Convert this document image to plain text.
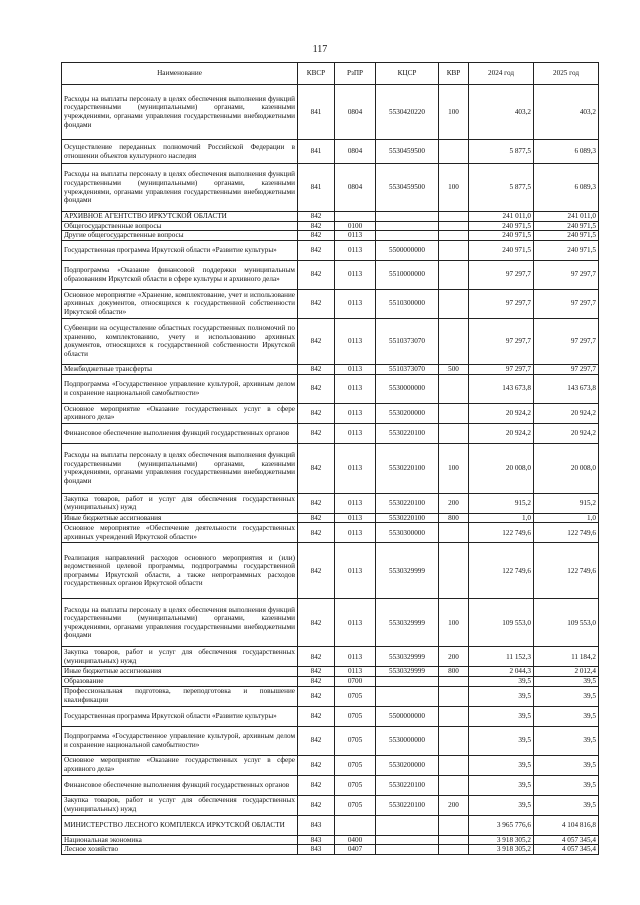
117
Наименование	КВСР	РзПР	КЦСР	КВР	2024 год	2025 год
Расходы на выплаты персоналу в целях обеспечения выполнения функций государственными (муниципальными) органами, казенными учреждениями, органами управления государственными внебюджетными фондами	841	0804	5530420220	100	403,2	403,2
Осуществление переданных полномочий Российской Федерации в отношении объектов культурного наследия	841	0804	5530459500		5 877,5	6 089,3
Расходы на выплаты персоналу в целях обеспечения выполнения функций государственными (муниципальными) органами, казенными учреждениями, органами управления государственными внебюджетными фондами	841	0804	5530459500	100	5 877,5	6 089,3
АРХИВНОЕ АГЕНТСТВО ИРКУТСКОЙ ОБЛАСТИ	842				241 011,0	241 011,0
Общегосударственные вопросы	842	0100			240 971,5	240 971,5
Другие общегосударственные вопросы	842	0113			240 971,5	240 971,5
Государственная программа Иркутской области «Развитие культуры»	842	0113	5500000000		240 971,5	240 971,5
Подпрограмма «Оказание финансовой поддержки муниципальным образованиям Иркутской области в сфере культуры и архивного дела»	842	0113	5510000000		97 297,7	97 297,7
Основное мероприятие «Хранение, комплектование, учет и использование архивных документов, относящихся к государственной собственности Иркутской области»	842	0113	5510300000		97 297,7	97 297,7
Субвенции на осуществление областных государственных полномочий по хранению, комплектованию, учету и использованию архивных документов, относящихся к государственной собственности Иркутской области	842	0113	5510373070		97 297,7	97 297,7
Межбюджетные трансферты	842	0113	5510373070	500	97 297,7	97 297,7
Подпрограмма «Государственное управление культурой, архивным делом и сохранение национальной самобытности»	842	0113	5530000000		143 673,8	143 673,8
Основное мероприятие «Оказание государственных услуг в сфере архивного дела»	842	0113	5530200000		20 924,2	20 924,2
Финансовое обеспечение выполнения функций государственных органов	842	0113	5530220100		20 924,2	20 924,2
Расходы на выплаты персоналу в целях обеспечения выполнения функций государственными (муниципальными) органами, казенными учреждениями, органами управления государственными внебюджетными фондами	842	0113	5530220100	100	20 008,0	20 008,0
Закупка товаров, работ и услуг для обеспечения государственных (муниципальных) нужд	842	0113	5530220100	200	915,2	915,2
Иные бюджетные ассигнования	842	0113	5530220100	800	1,0	1,0
Основное мероприятие «Обеспечение деятельности государственных архивных учреждений Иркутской области»	842	0113	5530300000		122 749,6	122 749,6
Реализация направлений расходов основного мероприятия и (или) ведомственной целевой программы, подпрограммы государственной программы Иркутской области, а также непрограммных расходов государственных органов Иркутской области	842	0113	5530329999		122 749,6	122 749,6
Расходы на выплаты персоналу в целях обеспечения выполнения функций государственными (муниципальными) органами, казенными учреждениями, органами управления государственными внебюджетными фондами	842	0113	5530329999	100	109 553,0	109 553,0
Закупка товаров, работ и услуг для обеспечения государственных (муниципальных) нужд	842	0113	5530329999	200	11 152,3	11 184,2
Иные бюджетные ассигнования	842	0113	5530329999	800	2 044,3	2 012,4
Образование	842	0700			39,5	39,5
Профессиональная подготовка, переподготовка и повышение квалификации	842	0705			39,5	39,5
Государственная программа Иркутской области «Развитие культуры»	842	0705	5500000000		39,5	39,5
Подпрограмма «Государственное управление культурой, архивным делом и сохранение национальной самобытности»	842	0705	5530000000		39,5	39,5
Основное мероприятие «Оказание государственных услуг в сфере архивного дела»	842	0705	5530200000		39,5	39,5
Финансовое обеспечение выполнения функций государственных органов	842	0705	5530220100		39,5	39,5
Закупка товаров, работ и услуг для обеспечения государственных (муниципальных) нужд	842	0705	5530220100	200	39,5	39,5
МИНИСТЕРСТВО ЛЕСНОГО КОМПЛЕКСА ИРКУТСКОЙ ОБЛАСТИ	843				3 965 776,6	4 104 816,8
Национальная экономика	843	0400			3 918 305,2	4 057 345,4
Лесное хозяйство	843	0407			3 918 305,2	4 057 345,4
